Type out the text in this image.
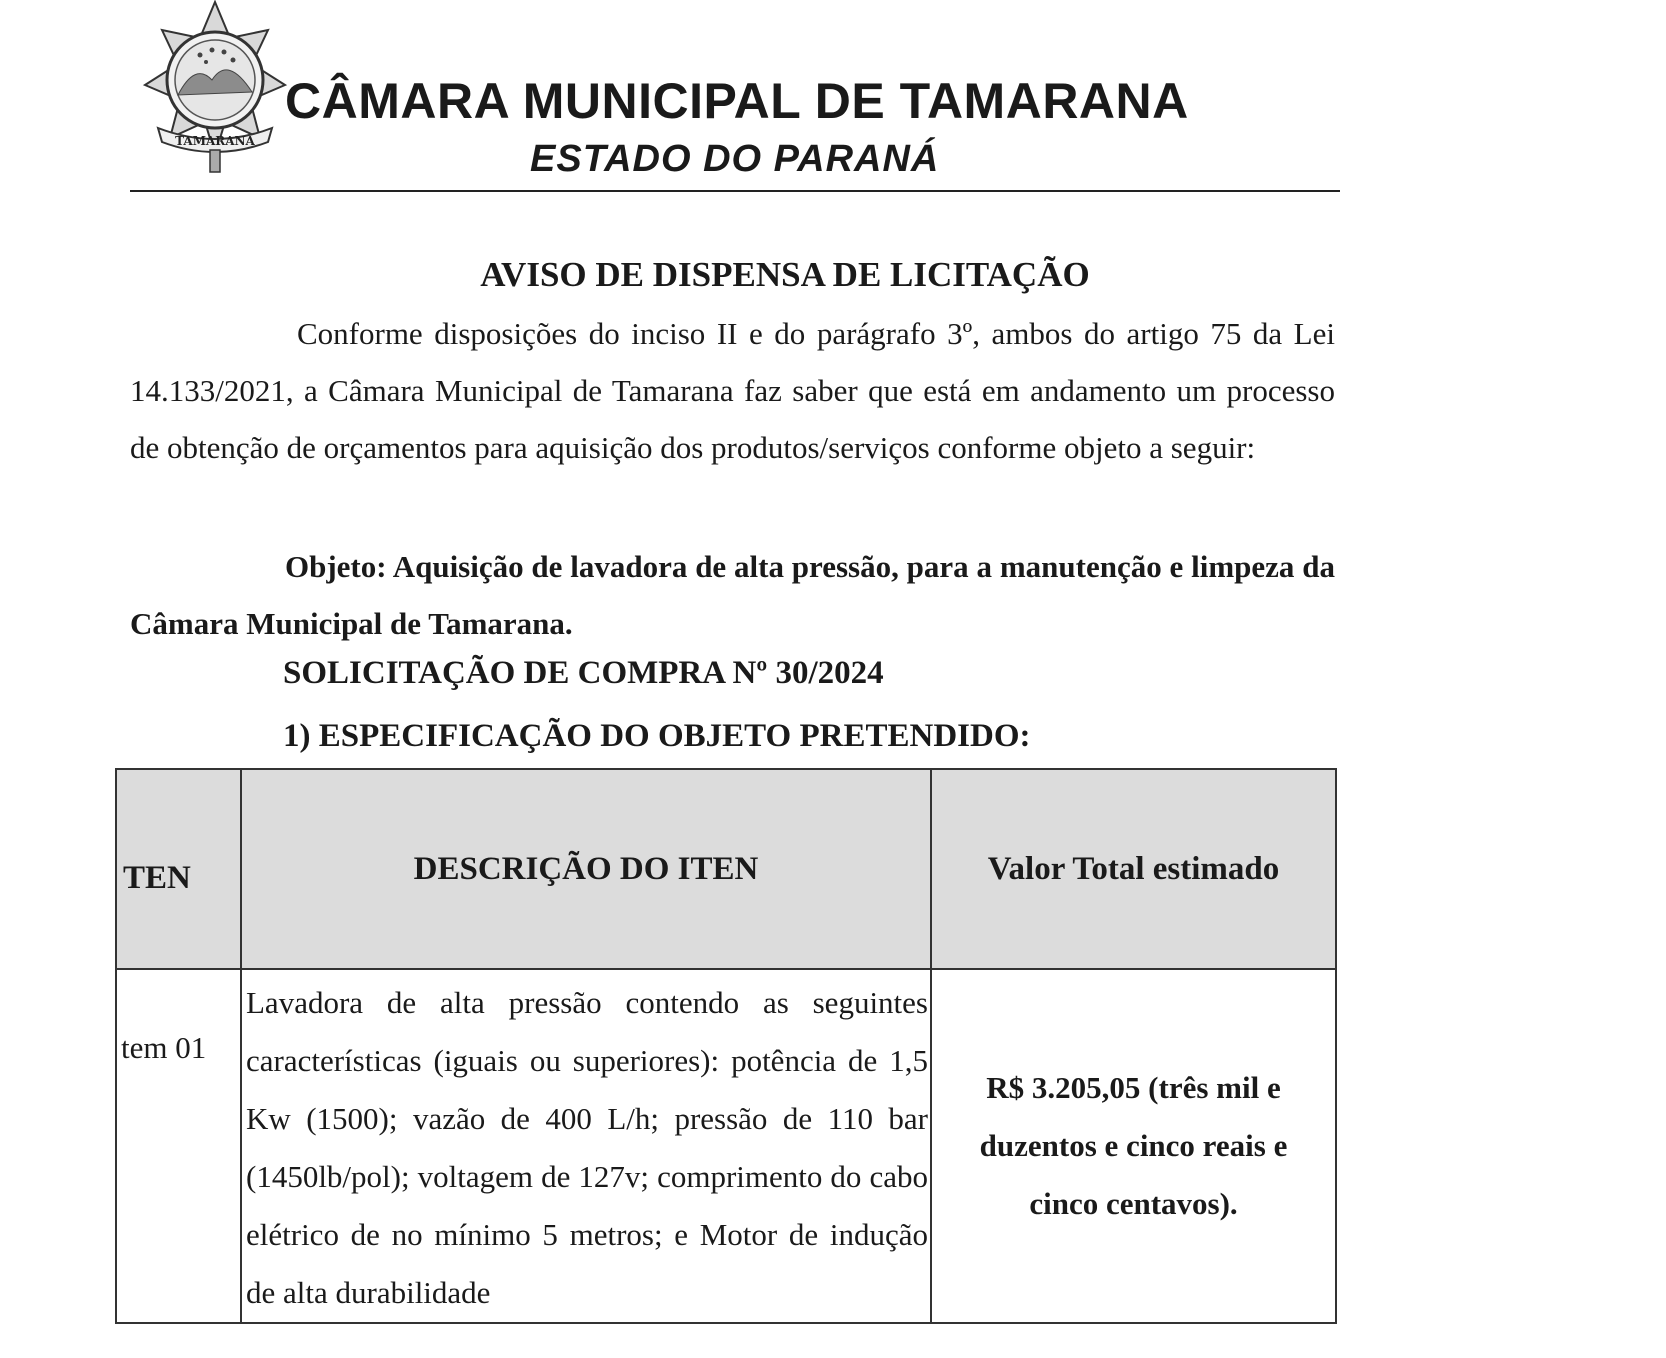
TAMARANA
CÂMARA MUNICIPAL DE TAMARANA
ESTADO DO PARANÁ
AVISO DE DISPENSA DE LICITAÇÃO
Conforme disposições do inciso II e do parágrafo 3º, ambos do artigo 75 da Lei 14.133/2021, a Câmara Municipal de Tamarana faz saber que está em andamento um processo de obtenção de orçamentos para aquisição dos produtos/serviços conforme objeto a seguir:
Objeto: Aquisição de lavadora de alta pressão, para a manutenção e limpeza da Câmara Municipal de Tamarana.
SOLICITAÇÃO DE COMPRA Nº 30/2024
1) ESPECIFICAÇÃO DO OBJETO PRETENDIDO:
TEN	DESCRIÇÃO DO ITEN	Valor Total estimado

tem 01	Lavadora de alta pressão contendo as seguintes características (iguais ou superiores): potência de 1,5 Kw (1500); vazão de 400 L/h; pressão de 110 bar (1450lb/pol); voltagem de 127v; comprimento do cabo elétrico de no mínimo 5 metros; e Motor de indução de alta durabilidade	R$ 3.205,05 (três mil e duzentos e cinco reais e cinco centavos).
